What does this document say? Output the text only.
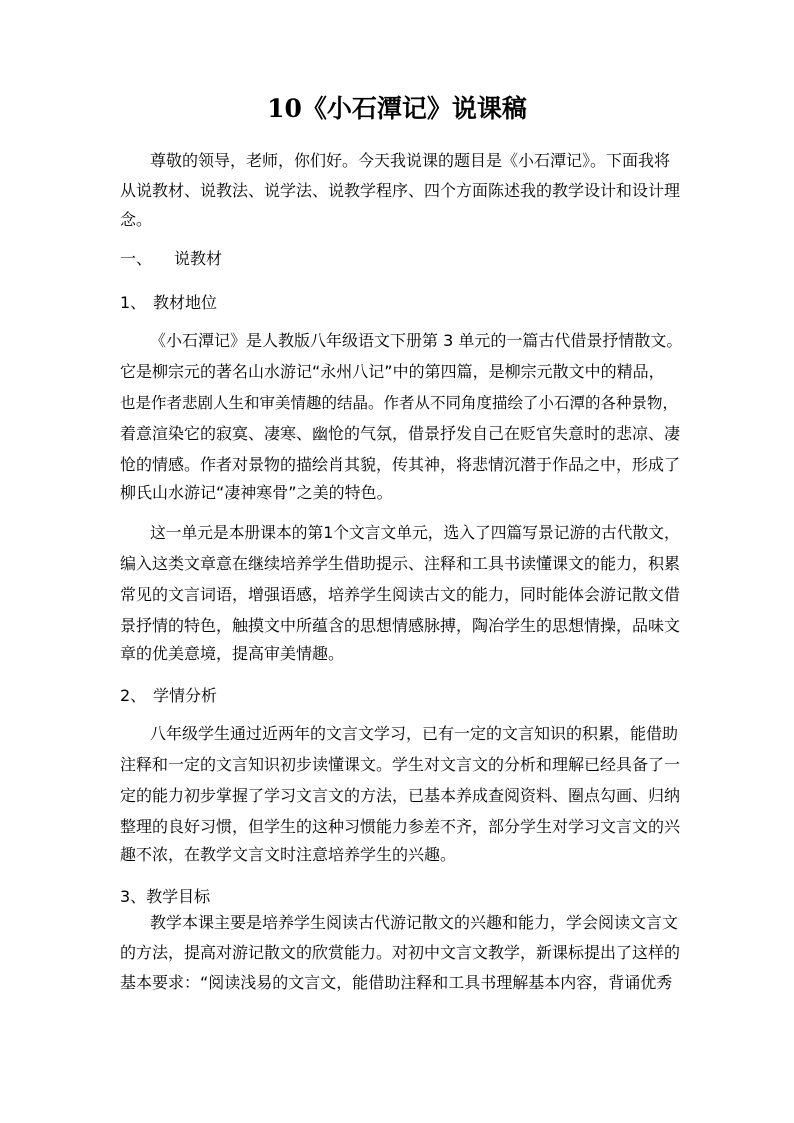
10《小石潭记》说课稿
尊敬的领导，老师，你们好。今天我说课的题目是《小石潭记》。下面我将
从说教材、说教法、说学法、说教学程序、四个方面陈述我的教学设计和设计理
念。
一、 说教材
1、 教材地位
《小石潭记》是人教版八年级语文下册第 3 单元的一篇古代借景抒情散文。
它是柳宗元的著名山水游记“永州八记”中的第四篇，是柳宗元散文中的精品，
也是作者悲剧人生和审美情趣的结晶。作者从不同角度描绘了小石潭的各种景物，
着意渲染它的寂寞、凄寒、幽怆的气氛，借景抒发自己在贬官失意时的悲凉、凄
怆的情感。作者对景物的描绘肖其貌，传其神，将悲情沉潜于作品之中，形成了
柳氏山水游记“凄神寒骨”之美的特色。
这一单元是本册课本的第1个文言文单元，选入了四篇写景记游的古代散文，
编入这类文章意在继续培养学生借助提示、注释和工具书读懂课文的能力，积累
常见的文言词语，增强语感，培养学生阅读古文的能力，同时能体会游记散文借
景抒情的特色，触摸文中所蕴含的思想情感脉搏，陶冶学生的思想情操，品味文
章的优美意境，提高审美情趣。
2、 学情分析
八年级学生通过近两年的文言文学习，已有一定的文言知识的积累，能借助
注释和一定的文言知识初步读懂课文。学生对文言文的分析和理解已经具备了一
定的能力初步掌握了学习文言文的方法，已基本养成查阅资料、圈点勾画、归纳
整理的良好习惯，但学生的这种习惯能力参差不齐，部分学生对学习文言文的兴
趣不浓，在教学文言文时注意培养学生的兴趣。
3、教学目标
教学本课主要是培养学生阅读古代游记散文的兴趣和能力，学会阅读文言文
的方法，提高对游记散文的欣赏能力。对初中文言文教学，新课标提出了这样的
基本要求：“阅读浅易的文言文，能借助注释和工具书理解基本内容，背诵优秀
